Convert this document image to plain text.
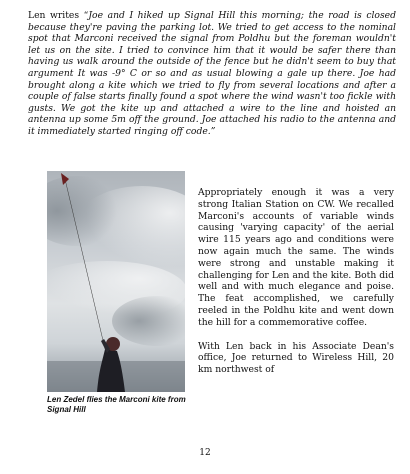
Len writes “Joe and I hiked up Signal Hill this morning; the road is closed because they're paving the parking lot. We tried to get access to the nominal spot that Marconi received the signal from Poldhu but the foreman wouldn't let us on the site. I tried to convince him that it would be safer there than having us walk around the outside of the fence but he didn't seem to buy that argument It was -9° C or so and as usual blowing a gale up there. Joe had brought along a kite which we tried to fly from several locations and after a couple of false starts finally found a spot where the wind wasn't too fickle with gusts. We got the kite up and attached a wire to the line and hoisted an antenna up some 5m off the ground. Joe attached his radio to the antenna and it immediately started ringing off code.”
Len Zedel flies the Marconi kite from Signal Hill

Appropriately enough it was a very strong Italian Station on CW. We recalled Marconi's accounts of variable winds causing 'varying capacity' of the aerial wire 115 years ago and conditions were now again much the same. The winds were strong and unstable making it challenging for Len and the kite. Both did well and with much elegance and poise. The feat accomplished, we carefully reeled in the Poldhu kite and went down the hill for a commemorative coffee.

With Len back in his Associate Dean's office, Joe returned to Wireless Hill, 20 km northwest of

12
